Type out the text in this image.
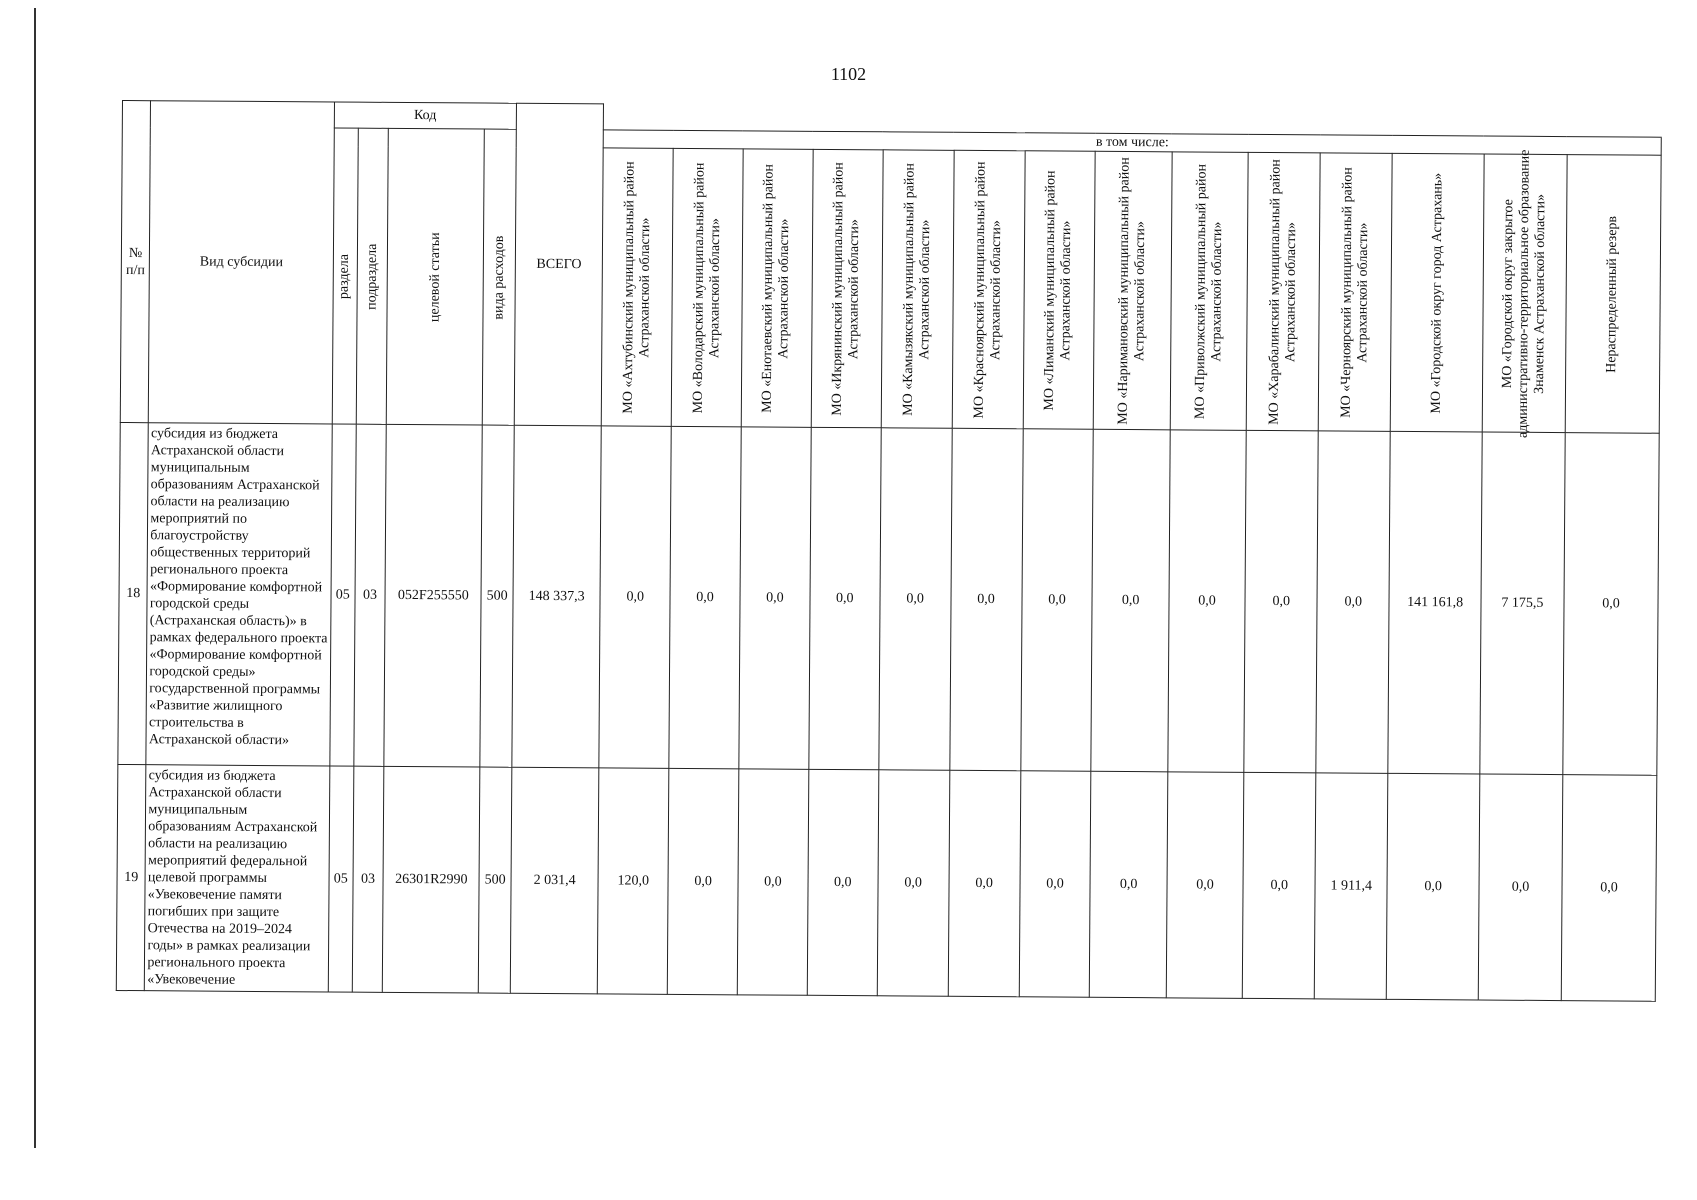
1102
№ п/п	Вид субсидии	Код				ВСЕГО														

		раздела	подраздела	целевой статьи	вида расходов		в том числе:													

							МО «Ахтубинский муниципальный район Астраханской области»	МО «Володарский муниципальный район Астраханской области»	МО «Енотаевский муниципальный район Астраханской области»	МО «Икрянинский муниципальный район Астраханской области»	МО «Камызякский муниципальный район Астраханской области»	МО «Красноярский муниципальный район Астраханской области»	МО «Лиманский муниципальный район Астраханской области»	МО «Наримановский муниципальный район Астраханской области»	МО «Приволжский муниципальный район Астраханской области»	МО «Харабалинский муниципальный район Астраханской области»	МО «Черноярский муниципальный район Астраханской области»	МО «Городской округ город Астрахань»	МО «Городской округ закрытое административно-территориальное образование Знаменск Астраханской области»	Нераспределенный резерв

18	субсидия из бюджета Астраханской области муниципальным образованиям Астраханской области на реализацию мероприятий по благоустройству общественных территорий регионального проекта «Формирование комфортной городской среды (Астраханская область)» в рамках федерального проекта «Формирование комфортной городской среды» государственной программы «Развитие жилищного строительства в Астраханской области»	05	03	052F255550	500	148 337,3	0,0	0,0	0,0	0,0	0,0	0,0	0,0	0,0	0,0	0,0	0,0	141 161,8	7 175,5	0,0
19	субсидия из бюджета Астраханской области муниципальным образованиям Астраханской области на реализацию мероприятий федеральной целевой программы «Увековечение памяти погибших при защите Отечества на 2019–2024 годы» в рамках реализации регионального проекта «Увековечение	05	03	26301R2990	500	2 031,4	120,0	0,0	0,0	0,0	0,0	0,0	0,0	0,0	0,0	0,0	1 911,4	0,0	0,0	0,0
